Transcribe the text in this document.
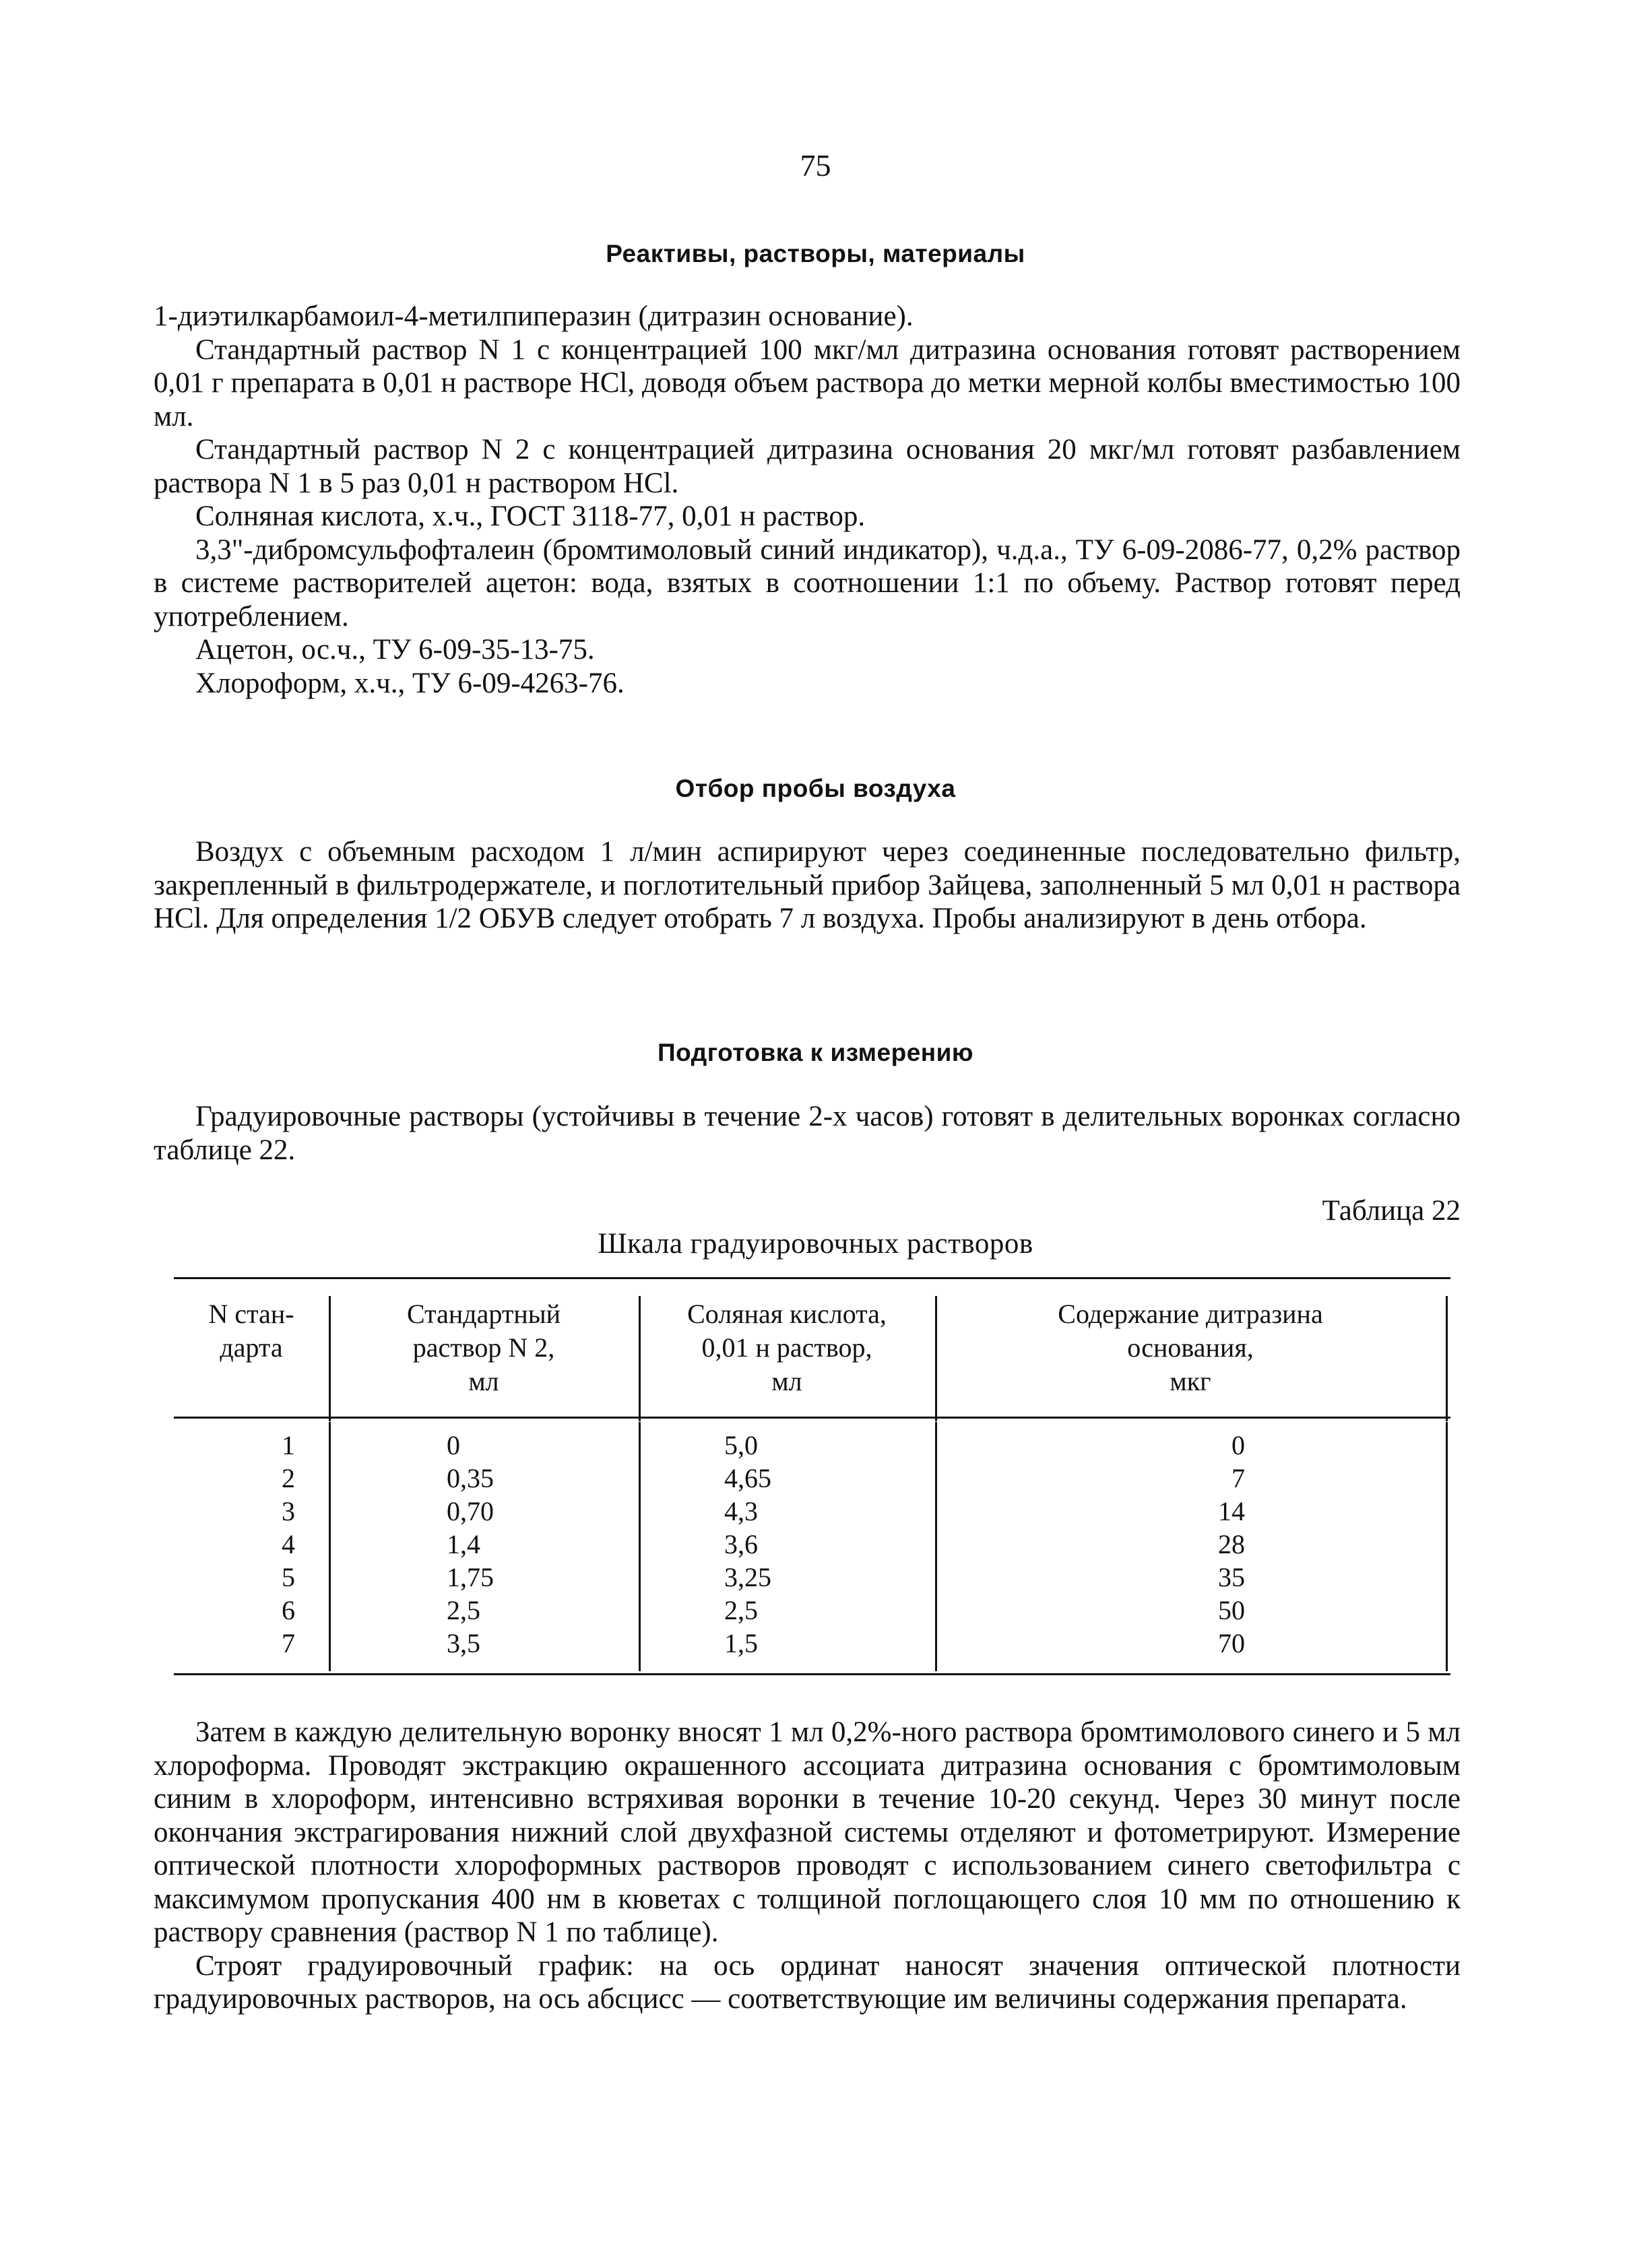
75
Реактивы, растворы, материалы

1-диэтилкарбамоил-4-метилпиперазин (дитразин основание).

Стандартный раствор N 1 с концентрацией 100 мкг/мл дитразина основания готовят растворением 0,01 г препарата в 0,01 н растворе HCl, доводя объем раствора до метки мерной колбы вместимостью 100 мл.

Стандартный раствор N 2 с концентрацией дитразина основания 20 мкг/мл готовят разбавлением раствора N 1 в 5 раз 0,01 н раствором HCl.

Солняная кислота, х.ч., ГОСТ 3118-77, 0,01 н раствор.

3,3"-дибромсульфофталеин (бромтимоловый синий индикатор), ч.д.а., ТУ 6-09-2086-77, 0,2% раствор в системе растворителей ацетон: вода, взятых в соотношении 1:1 по объему. Раствор готовят перед употреблением.

Ацетон, ос.ч., ТУ 6-09-35-13-75.

Хлороформ, х.ч., ТУ 6-09-4263-76.

Отбор пробы воздуха

Воздух с объемным расходом 1 л/мин аспирируют через соединенные последовательно фильтр, закрепленный в фильтродержателе, и поглотительный прибор Зайцева, заполненный 5 мл 0,01 н раствора HCl. Для определения 1/2 ОБУВ следует отобрать 7 л воздуха. Пробы анализируют в день отбора.

Подготовка к измерению

Градуировочные растворы (устойчивы в течение 2-х часов) готовят в делительных воронках согласно таблице 22.

Таблица 22
Шкала градуировочных растворов
N стан-
дарта
Стандартный
раствор N 2,
мл
Соляная кислота,
0,01 н раствор,
мл
Содержание дитразина
основания,
мкг
1
2
3
4
5
6
7
0
0,35
0,70
1,4
1,75
2,5
3,5
5,0
4,65
4,3
3,6
3,25
2,5
1,5
0
7
14
28
35
50
70

Затем в каждую делительную воронку вносят 1 мл 0,2%-ного раствора бромтимолового синего и 5 мл хлороформа. Проводят экстракцию окрашенного ассоциата дитразина основания с бромтимоловым синим в хлороформ, интенсивно встряхивая воронки в течение 10-20 секунд. Через 30 минут после окончания экстрагирования нижний слой двухфазной системы отделяют и фотометрируют. Измерение оптической плотности хлороформных растворов проводят с использованием синего светофильтра с максимумом пропускания 400 нм в кюветах с толщиной поглощающего слоя 10 мм по отношению к раствору сравнения (раствор N 1 по таблице).

Строят градуировочный график: на ось ординат наносят значения оптической плотности градуировочных растворов, на ось абсцисс — соответствующие им величины содержания препарата.
